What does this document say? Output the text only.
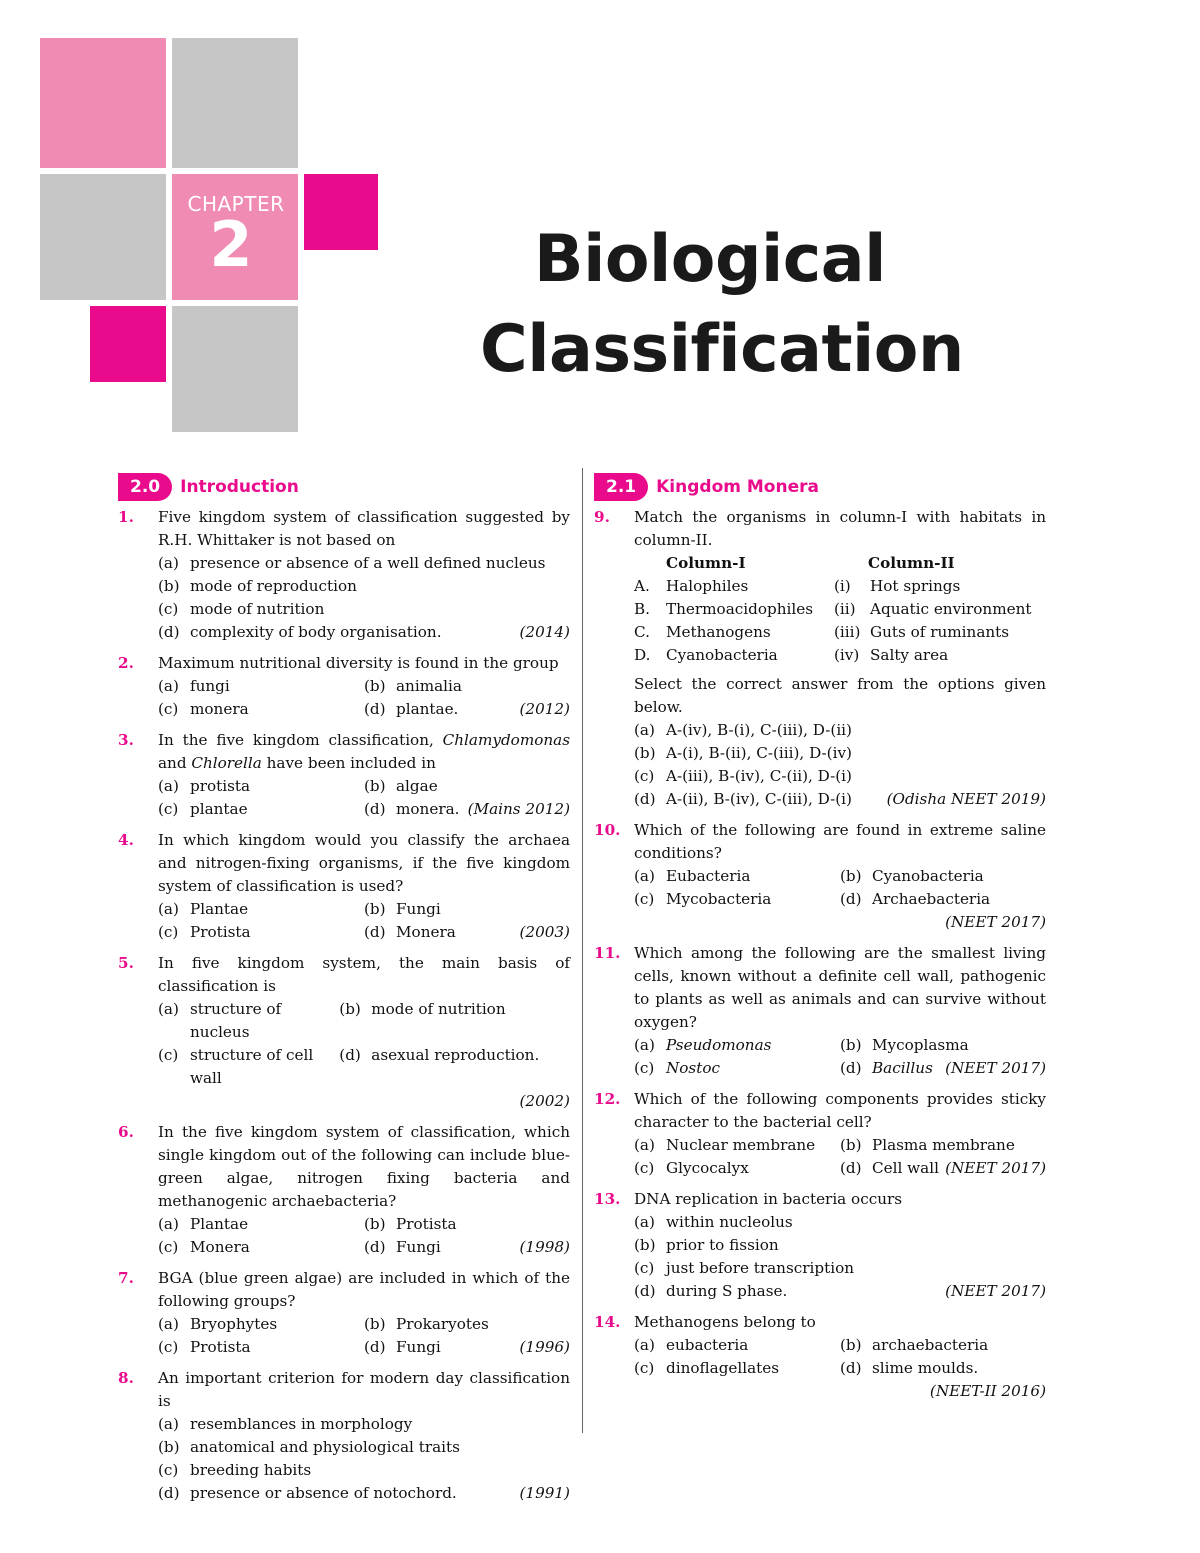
CHAPTER
2	Biological
Classification
2.0	Introduction
1.	Five kingdom system of classification suggested by R.H. Whittaker is not based on
(a) presence or absence of a well defined nucleus
(b) mode of reproduction
(c) mode of nutrition
(d) complexity of body organisation.	(2014)
2.	Maximum nutritional diversity is found in the group
(a) fungi	(b) animalia
(c) monera	(d) plantae.	(2012)
3.	In the five kingdom classification, Chlamydomonas and Chlorella have been included in
(a) protista	(b) algae
(c) plantae	(d) monera. (Mains 2012)
4.	In which kingdom would you classify the archaea and nitrogen-fixing organisms, if the five kingdom system of classification is used?
(a) Plantae	(b) Fungi
(c) Protista	(d) Monera	(2003)
5.	In five kingdom system, the main basis of classification is
(a) structure of nucleus
(b) mode of nutrition
(c) structure of cell wall
(d) asexual reproduction.
(2002)
6.	In the five kingdom system of classification, which single kingdom out of the following can include blue-green algae, nitrogen fixing bacteria and methanogenic archaebacteria?
(a) Plantae	(b) Protista
(c) Monera	(d) Fungi	(1998)
7.	BGA (blue green algae) are included in which of the following groups?
(a) Bryophytes	(b) Prokaryotes
(c) Protista	(d) Fungi	(1996)
8.	An important criterion for modern day classification is
(a) resemblances in morphology
(b) anatomical and physiological traits
(c) breeding habits
(d) presence or absence of notochord.	(1991)
2.1	Kingdom Monera
9.	Match the organisms in column-I with habitats in column-II.
Column-I	Column-II
A.	Halophiles	(i)	Hot springs
B.	Thermoacidophiles (ii) Aquatic environment
C.	Methanogens	(iii) Guts of ruminants
D.	Cyanobacteria	(iv) Salty area
Select the correct answer from the options given below.
(a) A-(iv), B-(i), C-(iii), D-(ii)
(b) A-(i), B-(ii), C-(iii), D-(iv)
(c) A-(iii), B-(iv), C-(ii), D-(i)
(d) A-(ii), B-(iv), C-(iii), D-(i) (Odisha NEET 2019)
10. Which of the following are found in extreme saline conditions?
(a) Eubacteria	(b) Cyanobacteria
(c) Mycobacteria	(d) Archaebacteria
(NEET 2017)
11. Which among the following are the smallest living cells, known without a definite cell wall, pathogenic to plants as well as animals and can survive without oxygen?
(a) Pseudomonas	(b) Mycoplasma
(c) Nostoc	(d) Bacillus (NEET 2017)
12. Which of the following components provides sticky character to the bacterial cell?
(a) Nuclear membrane (b) Plasma membrane
(c) Glycocalyx	(d) Cell wall (NEET 2017)
13. DNA replication in bacteria occurs
(a) within nucleolus
(b) prior to fission
(c) just before transcription
(d) during S phase.	(NEET 2017)
14. Methanogens belong to
(a) eubacteria	(b) archaebacteria
(c) dinoflagellates	(d) slime moulds.
(NEET-II 2016)
